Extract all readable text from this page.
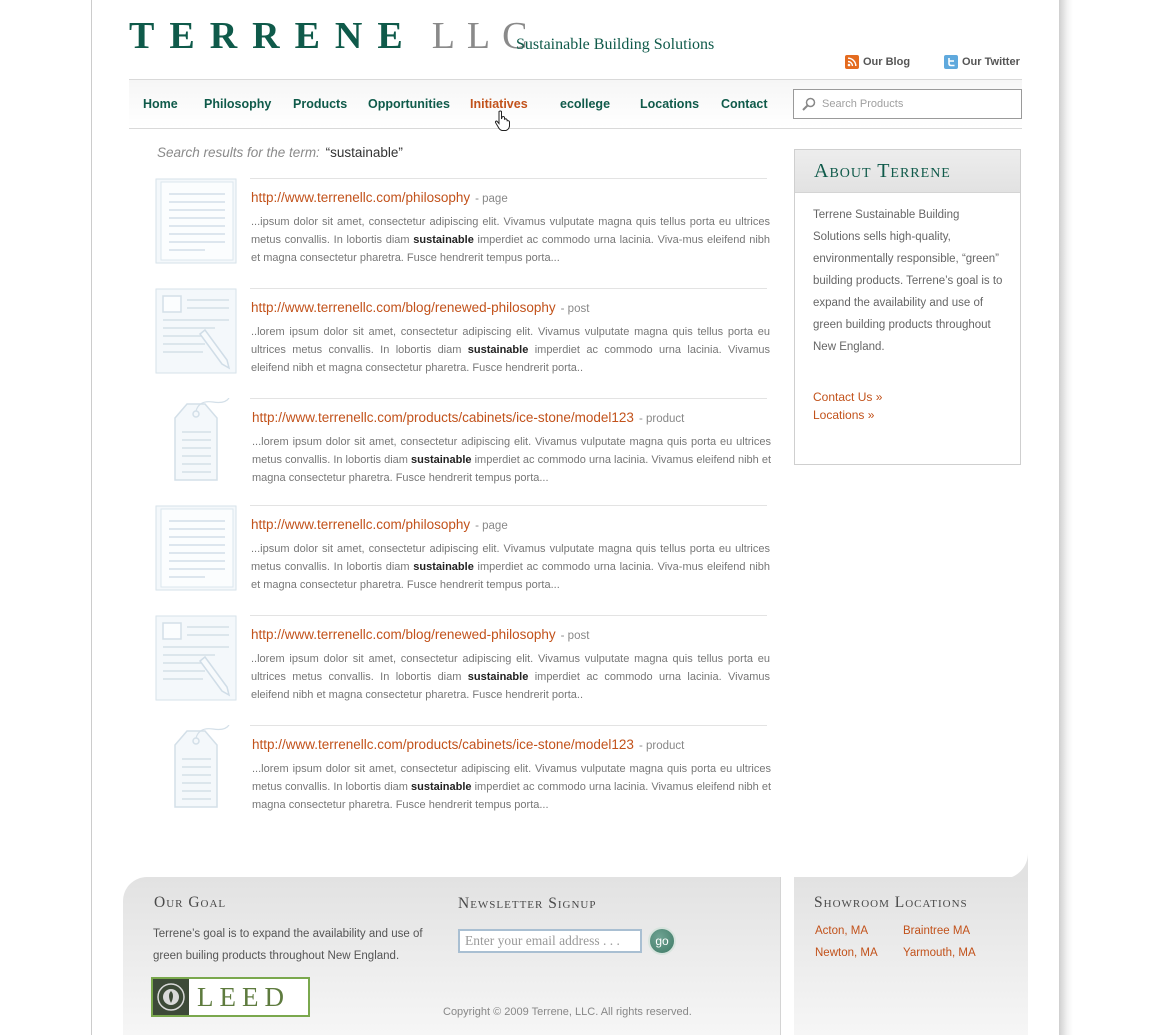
TERRENE LLC
Sustainable Building Solutions
Our Blog	Our Twitter
Home Philosophy Products Opportunities Initiatives	ecollege Locations Contact
Search Products
Search results for the term: “sustainable”
http://www.terrenellc.com/philosophy - page
...ipsum dolor sit amet, consectetur adipiscing elit. Vivamus vulputate magna quis tellus porta eu ultrices metus convallis. In lobortis diam sustainable imperdiet ac commodo urna lacinia. Viva-mus eleifend nibh et magna consectetur pharetra. Fusce hendrerit tempus porta...
http://www.terrenellc.com/blog/renewed-philosophy - post
..lorem ipsum dolor sit amet, consectetur adipiscing elit. Vivamus vulputate magna quis tellus porta eu ultrices metus convallis. In lobortis diam sustainable imperdiet ac commodo urna lacinia. Vivamus eleifend nibh et magna consectetur pharetra. Fusce hendrerit porta..
http://www.terrenellc.com/products/cabinets/ice-stone/model123 - product
...lorem ipsum dolor sit amet, consectetur adipiscing elit. Vivamus vulputate magna quis porta eu ultrices metus convallis. In lobortis diam sustainable imperdiet ac commodo urna lacinia. Vivamus eleifend nibh et magna consectetur pharetra. Fusce hendrerit tempus porta...
http://www.terrenellc.com/philosophy - page
...ipsum dolor sit amet, consectetur adipiscing elit. Vivamus vulputate magna quis tellus porta eu ultrices metus convallis. In lobortis diam sustainable imperdiet ac commodo urna lacinia. Viva-mus eleifend nibh et magna consectetur pharetra. Fusce hendrerit tempus porta...
http://www.terrenellc.com/blog/renewed-philosophy - post
..lorem ipsum dolor sit amet, consectetur adipiscing elit. Vivamus vulputate magna quis tellus porta eu ultrices metus convallis. In lobortis diam sustainable imperdiet ac commodo urna lacinia. Vivamus eleifend nibh et magna consectetur pharetra. Fusce hendrerit porta..
http://www.terrenellc.com/products/cabinets/ice-stone/model123 - product
...lorem ipsum dolor sit amet, consectetur adipiscing elit. Vivamus vulputate magna quis porta eu ultrices metus convallis. In lobortis diam sustainable imperdiet ac commodo urna lacinia. Vivamus eleifend nibh et magna consectetur pharetra. Fusce hendrerit tempus porta...
About Terrene
Terrene Sustainable Building Solutions sells high-quality, environmentally responsible, “green” building products. Terrene’s goal is to expand the availability and use of green building products throughout New England.
Contact Us »
Locations »
Our Goal
Terrene’s goal is to expand the availability and use of green builing products throughout New England.
LEED
Newsletter Signup
Enter your email address . . .
go
Copyright © 2009 Terrene, LLC. All rights reserved.
Showroom Locations
Acton, MA	Braintree MA
Newton, MA Yarmouth, MA
